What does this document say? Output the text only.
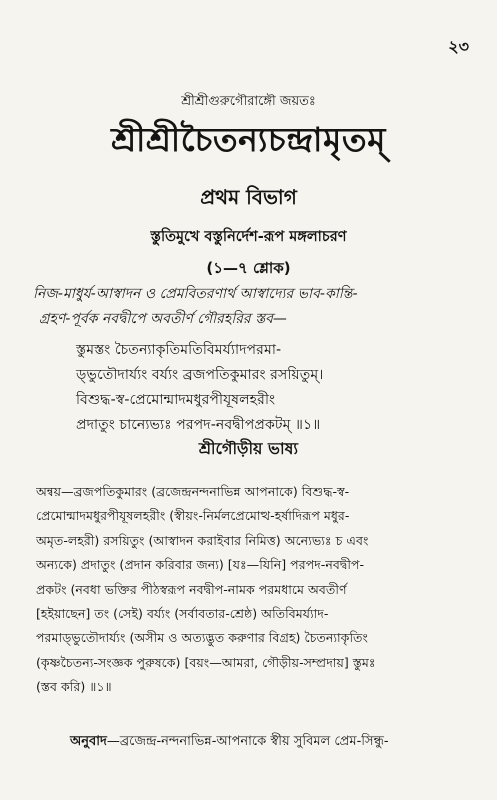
২৩
শ্রীশ্রীগুরুগৌরাঙ্গৌ জয়তঃ
শ্রীশ্রীচৈতন্যচন্দ্রামৃতম্
প্রথম বিভাগ
স্তুতিমুখে বস্তুনির্দেশ-রূপ মঙ্গলাচরণ
(১—৭ শ্লোক)
নিজ-মাধুর্য-আস্বাদন ও প্রেমবিতরণার্থ আস্বাদ্যের ভাব-কান্তি-
গ্রহণ-পূর্বক নবদ্বীপে অবতীর্ণ গৌরহরির স্তব—
স্তুমস্তং চৈতন্যাকৃতিমতিবিমর্য্যাদপরমা-
ড্ভুতৌদার্য্যং বর্য্যং ব্রজপতিকুমারং রসয়িতুম্।
বিশুদ্ধ-স্ব-প্রেমোন্মাদমধুরপীযূষলহরীং
প্রদাতুং চান্যেভ্যঃ পরপদ-নবদ্বীপপ্রকটম্ ॥১॥
শ্রীগৌড়ীয় ভাষ্য
অন্বয়—ব্রজপতিকুমারং (ব্রজেন্দ্রনন্দনাভিন্ন আপনাকে) বিশুদ্ধ-স্ব-
প্রেমোন্মাদমধুরপীযূষলহরীং (স্বীয়ং-নির্মলপ্রেমোত্থ-হর্ষাদিরূপ মধুর-
অমৃত-লহরী) রসয়িতুং (আস্বাদন করাইবার নিমিত্ত) অন্যেভ্যঃ চ এবং
অন্যকে) প্রদাতুং (প্রদান করিবার জন্য) [যঃ—যিনি] পরপদ-নবদ্বীপ-
প্রকটং (নবধা ভক্তির পীঠস্বরূপ নবদ্বীপ-নামক পরমধামে অবতীর্ণ
[হইয়াছেন] তং (সেই) বর্য্যং (সর্বাবতার-শ্রেষ্ঠ) অতিবিমর্য্যাদ-
পরমাড্ভুতৌদার্য্যং (অসীম ও অত্যদ্ভুত করুণার বিগ্রহ) চৈতন্যাকৃতিং
(কৃষ্ণচৈতন্য-সংজ্ঞক পুরুষকে) [বয়ং—আমরা, গৌড়ীয়-সম্প্রদায়] স্তুমঃ
(স্তব করি) ॥১॥
অনুবাদ—ব্রজেন্দ্র-নন্দনাভিন্ন-আপনাকে স্বীয় সুবিমল প্রেম-সিন্ধু-
